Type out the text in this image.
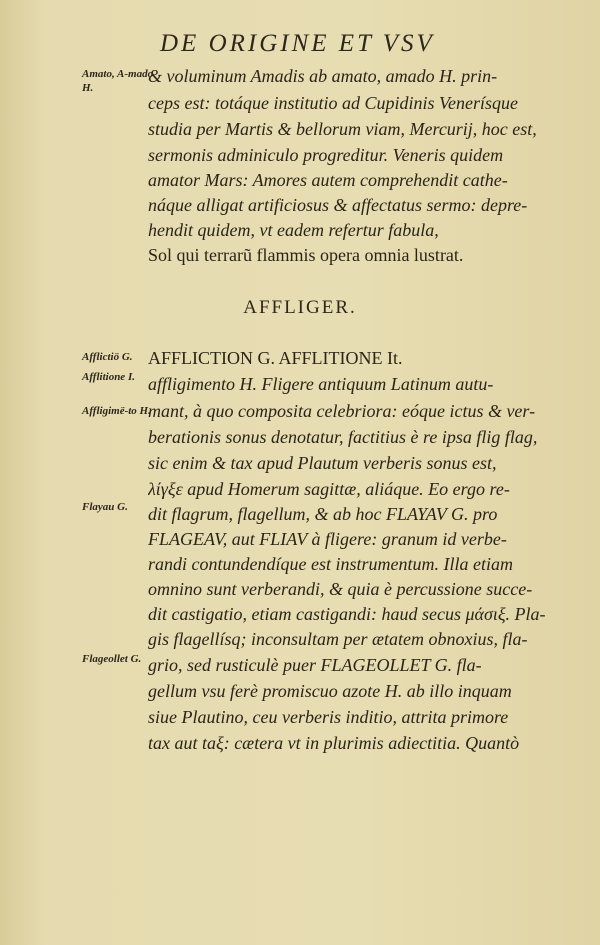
DE ORIGINE ET VSV
Amato, A-mado H.
Afflictiö G.
Afflitione I.
Affligimë-to H.
Flayau G.
Flageollet G.
& voluminum Amadis ab amato, amado H. prin-
ceps est: totáque institutio ad Cupidinis Venerísque
studia per Martis & bellorum viam, Mercurij, hoc est,
sermonis adminiculo progreditur. Veneris quidem
amator Mars: Amores autem comprehendit cathe-
náque alligat artificiosus & affectatus sermo: depre-
hendit quidem, vt eadem refertur fabula,
Sol qui terrarũ flammis opera omnia lustrat.
AFFLIGER.
AFFLICTION G. AFFLITIONE It.
affligimento H. Fligere antiquum Latinum autu-
mant, à quo composita celebriora: eóque ictus & ver-
berationis sonus denotatur, factitius è re ipsa flig flag,
sic enim & tax apud Plautum verberis sonus est,
λίγξε apud Homerum sagittæ, aliáque. Eo ergo re-
dit flagrum, flagellum, & ab hoc FLAYAV G. pro
FLAGEAV, aut FLIAV à fligere: granum id verbe-
randi contundendíque est instrumentum. Illa etiam
omnino sunt verberandi, & quia è percussione succe-
dit castigatio, etiam castigandi: haud secus μάσιξ. Pla-
gis flagellísq; inconsultam per ætatem obnoxius, fla-
grio, sed rusticulè puer FLAGEOLLET G. fla-
gellum vsu ferè promiscuo azote H. ab illo inquam
siue Plautino, ceu verberis inditio, attrita primore
tax aut taξ: cætera vt in plurimis adiectitia. Quantò
